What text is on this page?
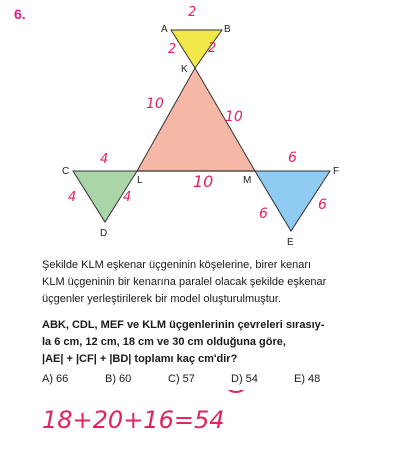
6.
A	B
K
C
L	M
F
D
E
2
2 2
10
10
10
4
4	4
6
6
6
Şekilde KLM eşkenar üçgeninin köşelerine, birer kenarı
KLM üçgeninin bir kenarına paralel olacak şekilde eşkenar
üçgenler yerleştirilerek bir model oluşturulmuştur.
ABK, CDL, MEF ve KLM üçgenlerinin çevreleri sırasıy-
la 6 cm, 12 cm, 18 cm ve 30 cm olduğuna göre,
|AE| + |CF| + |BD| toplamı kaç cm'dir?
A) 66	B) 60	C) 57	D) 54	E) 48
18+20+16=54
